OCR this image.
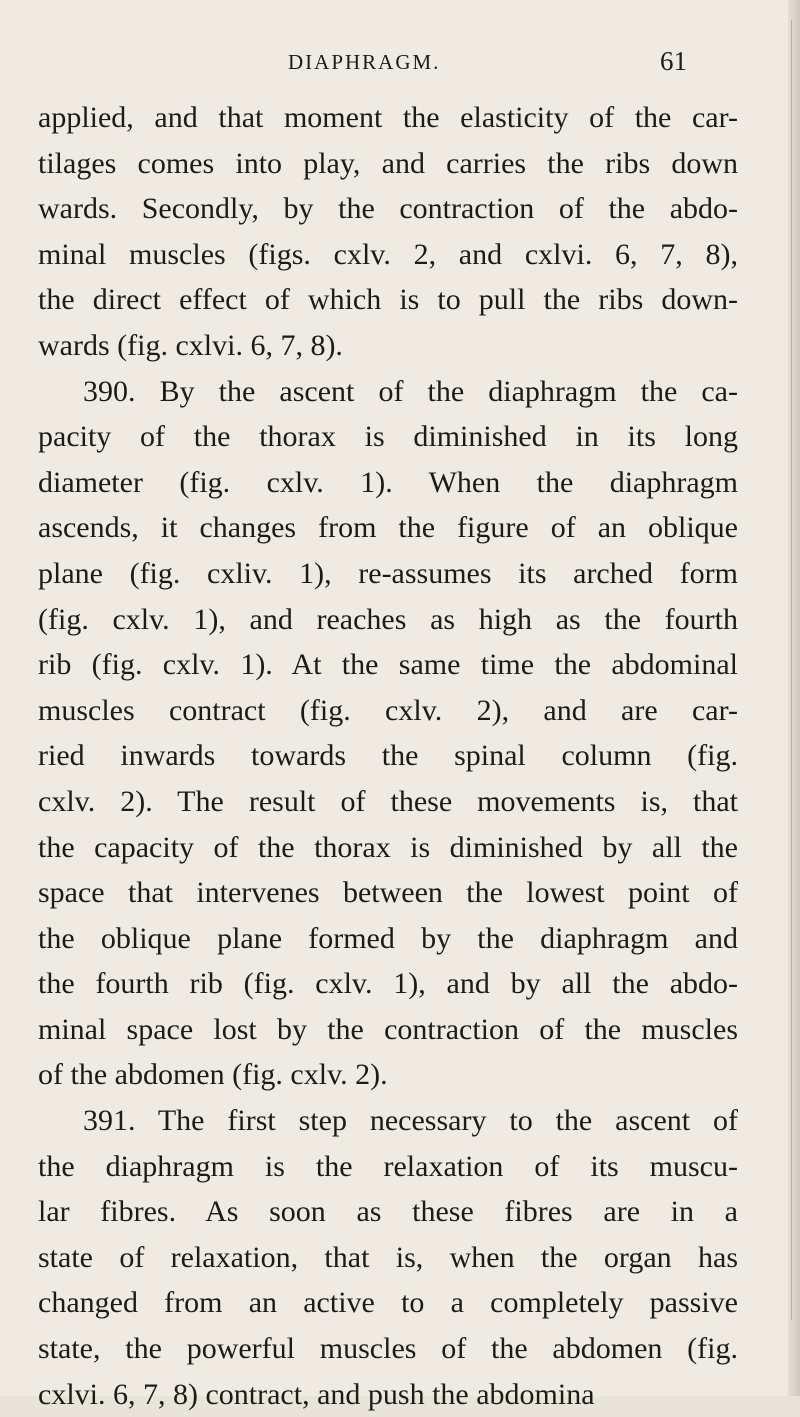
DIAPHRAGM.	61
applied, and that moment the elasticity of the car-
tilages comes into play, and carries the ribs down
wards. Secondly, by the contraction of the abdo-
minal muscles (figs. cxlv. 2, and cxlvi. 6, 7, 8),
the direct effect of which is to pull the ribs down-
wards (fig. cxlvi. 6, 7, 8).
390. By the ascent of the diaphragm the ca-
pacity of the thorax is diminished in its long
diameter (fig. cxlv. 1). When the diaphragm
ascends, it changes from the figure of an oblique
plane (fig. cxliv. 1), re-assumes its arched form
(fig. cxlv. 1), and reaches as high as the fourth
rib (fig. cxlv. 1). At the same time the abdominal
muscles contract (fig. cxlv. 2), and are car-
ried inwards towards the spinal column (fig.
cxlv. 2). The result of these movements is, that
the capacity of the thorax is diminished by all the
space that intervenes between the lowest point of
the oblique plane formed by the diaphragm and
the fourth rib (fig. cxlv. 1), and by all the abdo-
minal space lost by the contraction of the muscles
of the abdomen (fig. cxlv. 2).
391. The first step necessary to the ascent of
the diaphragm is the relaxation of its muscu-
lar fibres. As soon as these fibres are in a
state of relaxation, that is, when the organ has
changed from an active to a completely passive
state, the powerful muscles of the abdomen (fig.
cxlvi. 6, 7, 8) contract, and push the abdomina
